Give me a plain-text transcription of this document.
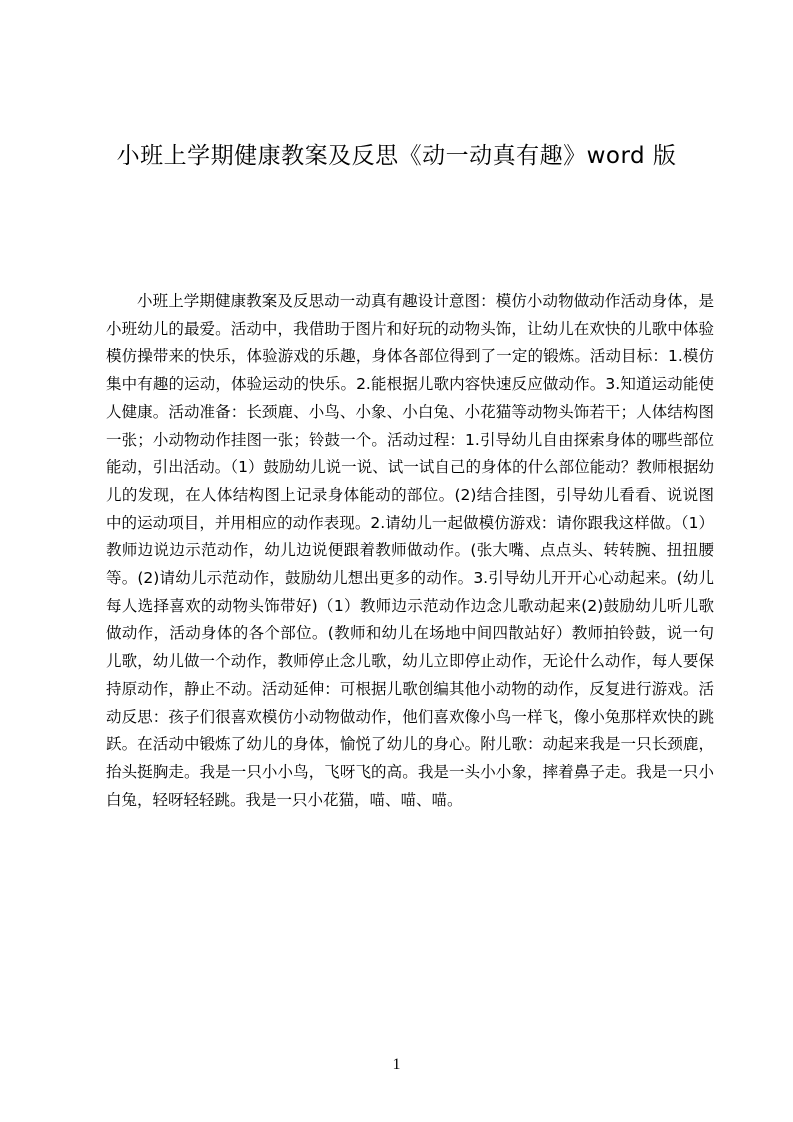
小班上学期健康教案及反思《动一动真有趣》word 版

小班上学期健康教案及反思动一动真有趣设计意图：模仿小动物做动作活动身体，是小班幼儿的最爱。活动中，我借助于图片和好玩的动物头饰，让幼儿在欢快的儿歌中体验模仿操带来的快乐，体验游戏的乐趣，身体各部位得到了一定的锻炼。活动目标：1.模仿集中有趣的运动，体验运动的快乐。2.能根据儿歌内容快速反应做动作。3.知道运动能使人健康。活动准备：长颈鹿、小鸟、小象、小白兔、小花猫等动物头饰若干；人体结构图一张；小动物动作挂图一张；铃鼓一个。活动过程：1.引导幼儿自由探索身体的哪些部位能动，引出活动。（1）鼓励幼儿说一说、试一试自己的身体的什么部位能动？教师根据幼儿的发现，在人体结构图上记录身体能动的部位。(2)结合挂图，引导幼儿看看、说说图中的运动项目，并用相应的动作表现。2.请幼儿一起做模仿游戏：请你跟我这样做。（1）教师边说边示范动作，幼儿边说便跟着教师做动作。(张大嘴、点点头、转转腕、扭扭腰等。(2)请幼儿示范动作，鼓励幼儿想出更多的动作。3.引导幼儿开开心心动起来。(幼儿每人选择喜欢的动物头饰带好)（1）教师边示范动作边念儿歌动起来(2)鼓励幼儿听儿歌做动作，活动身体的各个部位。(教师和幼儿在场地中间四散站好）教师拍铃鼓，说一句儿歌，幼儿做一个动作，教师停止念儿歌，幼儿立即停止动作，无论什么动作，每人要保持原动作，静止不动。活动延伸：可根据儿歌创编其他小动物的动作，反复进行游戏。活动反思：孩子们很喜欢模仿小动物做动作，他们喜欢像小鸟一样飞，像小兔那样欢快的跳跃。在活动中锻炼了幼儿的身体，愉悦了幼儿的身心。附儿歌：动起来我是一只长颈鹿，抬头挺胸走。我是一只小小鸟，飞呀飞的高。我是一头小小象，摔着鼻子走。我是一只小白兔，轻呀轻轻跳。我是一只小花猫，喵、喵、喵。

1
